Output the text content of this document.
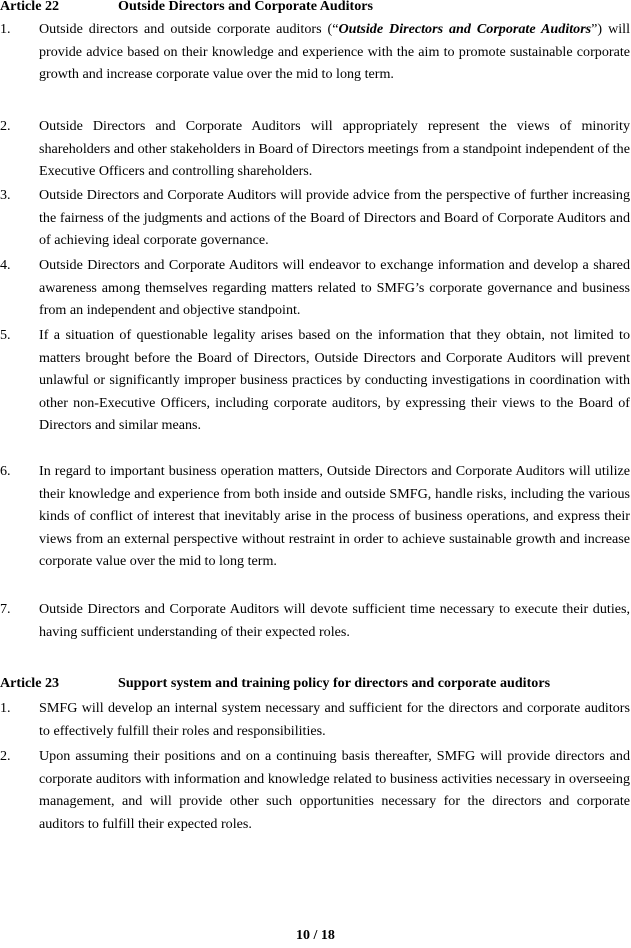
Article 22	Outside Directors and Corporate Auditors
1.	Outside directors and outside corporate auditors (“Outside Directors and Corporate Auditors”) will provide advice based on their knowledge and experience with the aim to promote sustainable corporate growth and increase corporate value over the mid to long term.
2.	Outside Directors and Corporate Auditors will appropriately represent the views of minority shareholders and other stakeholders in Board of Directors meetings from a standpoint independent of the Executive Officers and controlling shareholders.
3.	Outside Directors and Corporate Auditors will provide advice from the perspective of further increasing the fairness of the judgments and actions of the Board of Directors and Board of Corporate Auditors and of achieving ideal corporate governance.
4.	Outside Directors and Corporate Auditors will endeavor to exchange information and develop a shared awareness among themselves regarding matters related to SMFG’s corporate governance and business from an independent and objective standpoint.
5.	If a situation of questionable legality arises based on the information that they obtain, not limited to matters brought before the Board of Directors, Outside Directors and Corporate Auditors will prevent unlawful or significantly improper business practices by conducting investigations in coordination with other non-Executive Officers, including corporate auditors, by expressing their views to the Board of Directors and similar means.
6.	In regard to important business operation matters, Outside Directors and Corporate Auditors will utilize their knowledge and experience from both inside and outside SMFG, handle risks, including the various kinds of conflict of interest that inevitably arise in the process of business operations, and express their views from an external perspective without restraint in order to achieve sustainable growth and increase corporate value over the mid to long term.
7.	Outside Directors and Corporate Auditors will devote sufficient time necessary to execute their duties, having sufficient understanding of their expected roles.
Article 23	Support system and training policy for directors and corporate auditors
1.	SMFG will develop an internal system necessary and sufficient for the directors and corporate auditors to effectively fulfill their roles and responsibilities.
2.	Upon assuming their positions and on a continuing basis thereafter, SMFG will provide directors and corporate auditors with information and knowledge related to business activities necessary in overseeing management, and will provide other such opportunities necessary for the directors and corporate auditors to fulfill their expected roles.
10 / 18
